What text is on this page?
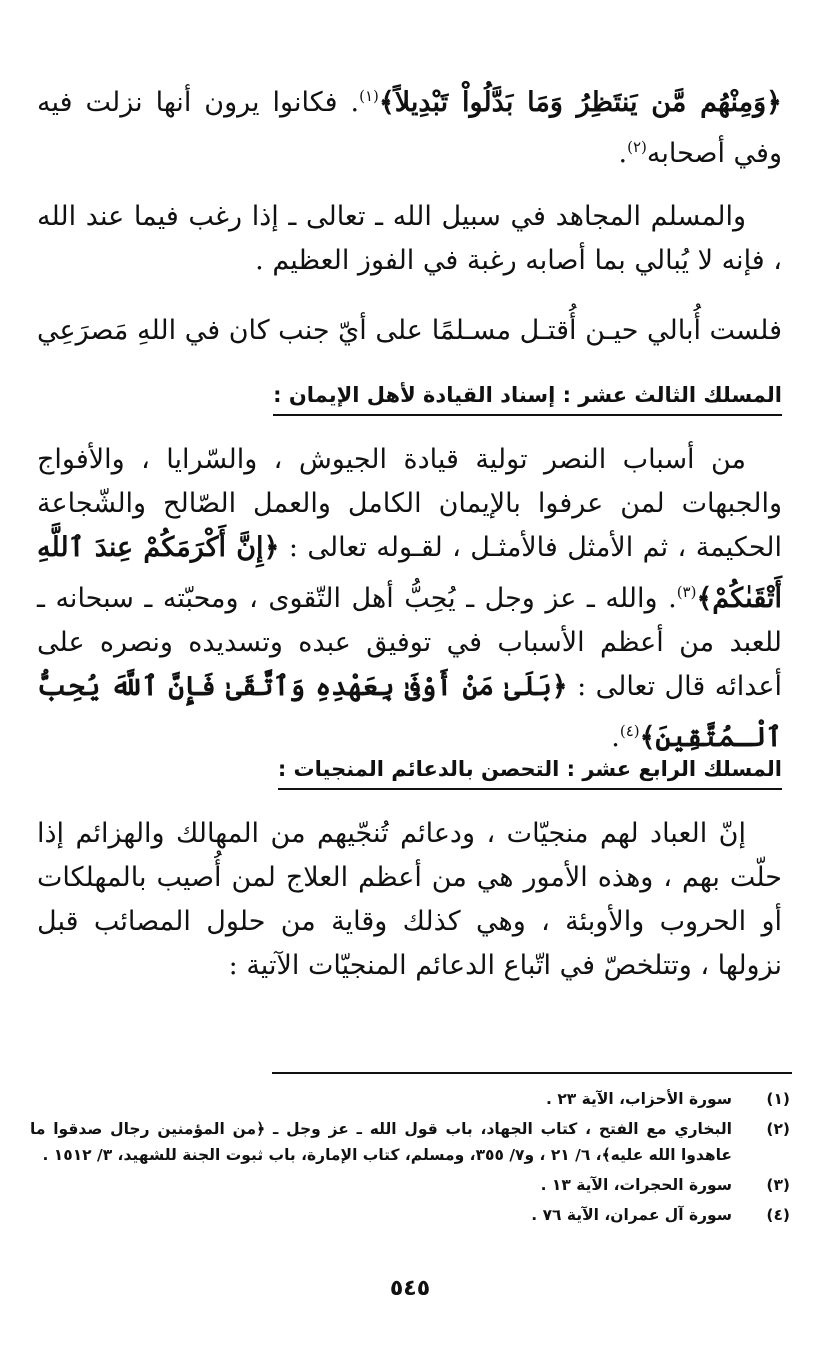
﴿وَمِنْهُم مَّن يَنتَظِرُ وَمَا بَدَّلُواْ تَبْدِيلاً﴾$^{(١)}$. فكانوا يرون أنها نزلت فيه وفي أصحابه$^{(٢)}$.
والمسلم المجاهد في سبيل الله ـ تعالى ـ إذا رغب فيما عند الله ، فإنه لا يُبالي بما أصابه رغبة في الفوز العظيم .
فلست أُبالي حيـن أُقتـل مسـلمًا
على أيّ جنب كان في اللهِ مَصرَعِي
المسلك الثالث عشر : إسناد القيادة لأهل الإيمان :
من أسباب النصر تولية قيادة الجيوش ، والسّرايا ، والأفواج والجبهات لمن عرفوا بالإيمان الكامل والعمل الصّالح والشّجاعة الحكيمة ، ثم الأمثل فالأمثـل ، لقـوله تعالى : ﴿إِنَّ أَكْرَمَكُمْ عِندَ ٱللَّهِ أَتْقَىٰكُمْ﴾$^{(٣)}$. والله ـ عز وجل ـ يُحِبُّ أهل التّقوى ، ومحبّته ـ سبحانه ـ للعبد من أعظم الأسباب في توفيق عبده وتسديده ونصره على أعدائه قال تعالى : ﴿بَلَىٰ مَنْ أَوْفَىٰ بِعَهْدِهِ وَٱتَّقَىٰ فَإِنَّ ٱللَّهَ يُحِبُّ ٱلْـمُتَّقِينَ﴾$^{(٤)}$.
المسلك الرابع عشر : التحصن بالدعائم المنجيات :
إنّ العباد لهم منجيّات ، ودعائم تُنجّيهم من المهالك والهزائم إذا حلّت بهم ، وهذه الأمور هي من أعظم العلاج لمن أُصيب بالمهلكات أو الحروب والأوبئة ، وهي كذلك وقاية من حلول المصائب قبل نزولها ، وتتلخصّ في اتّباع الدعائم المنجيّات الآتية :
(١)
سورة الأحزاب، الآية ٢٣ .
(٢)
البخاري مع الفتح ، كتاب الجهاد، باب قول الله ـ عز وجل ـ ﴿من المؤمنين رجال صدقوا ما عاهدوا الله عليه﴾، ٦/ ٢١ ، و٧/ ٣٥٥، ومسلم، كتاب الإمارة، باب ثبوت الجنة للشهيد، ٣/ ١٥١٢ .
(٣)
سورة الحجرات، الآية ١٣ .
(٤)
سورة آل عمران، الآية ٧٦ .
٥٤٥
